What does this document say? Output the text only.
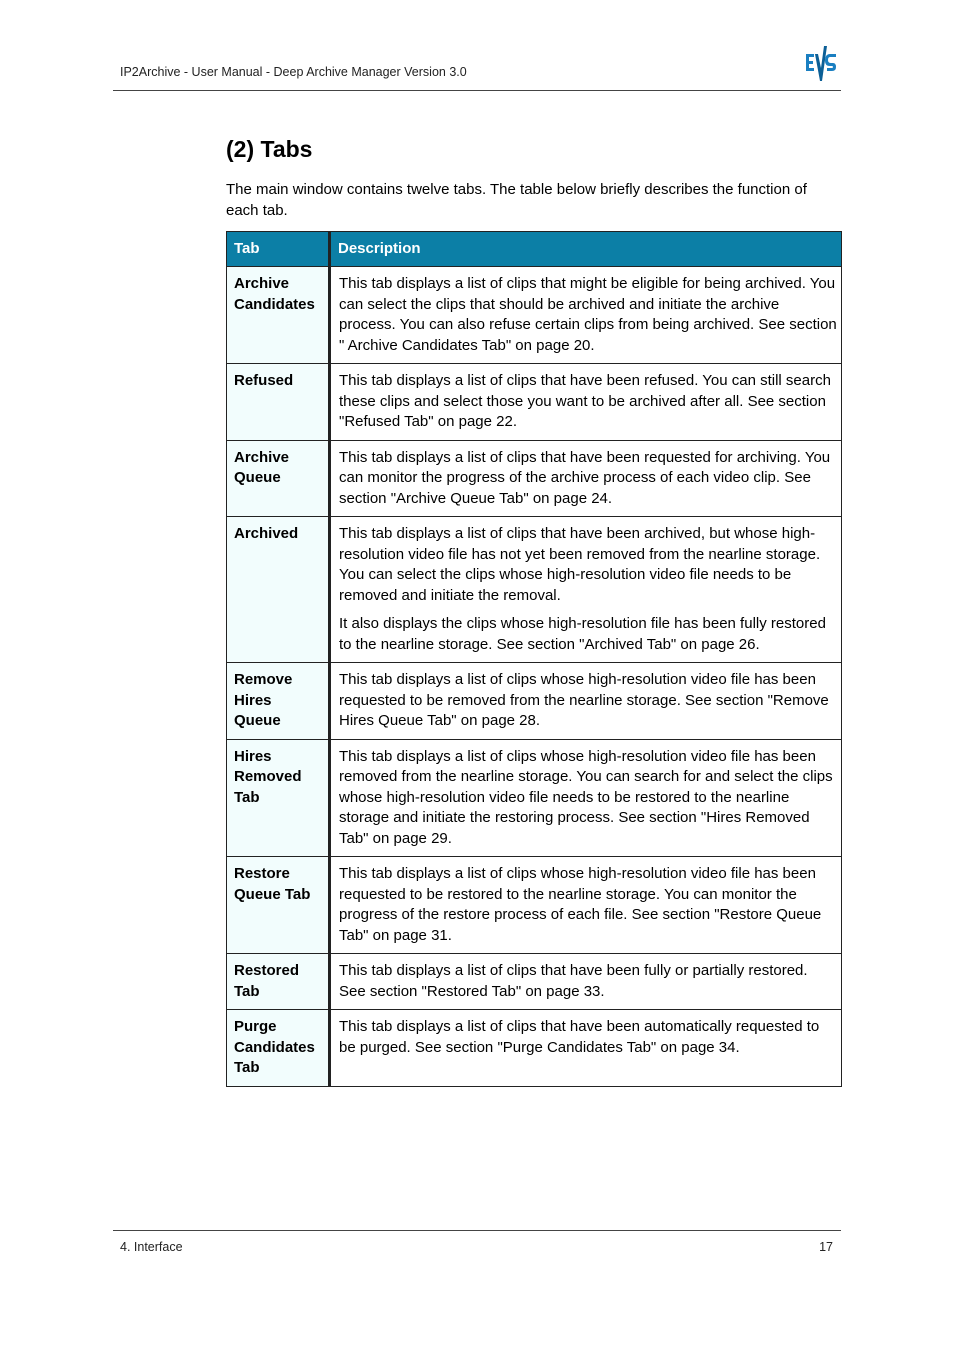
IP2Archive - User Manual - Deep Archive Manager Version 3.0
(2) Tabs

The main window contains twelve tabs. The table below briefly describes the function of each tab.

Tab	Description
Archive Candidates	This tab displays a list of clips that might be eligible for being archived. You can select the clips that should be archived and initiate the archive process. You can also refuse certain clips from being archived. See section " Archive Candidates Tab" on page 20.

Refused	This tab displays a list of clips that have been refused. You can still search these clips and select those you want to be archived after all. See section "Refused Tab" on page 22.

Archive Queue	This tab displays a list of clips that have been requested for archiving. You can monitor the progress of the archive process of each video clip. See section "Archive Queue Tab" on page 24.

Archived	This tab displays a list of clips that have been archived, but whose high-resolution video file has not yet been removed from the nearline storage. You can select the clips whose high-resolution video file needs to be removed and initiate the removal.

It also displays the clips whose high-resolution file has been fully restored to the nearline storage. See section "Archived Tab" on page 26.

Remove Hires Queue	This tab displays a list of clips whose high-resolution video file has been requested to be removed from the nearline storage. See section "Remove Hires Queue Tab" on page 28.

Hires Removed Tab	This tab displays a list of clips whose high-resolution video file has been removed from the nearline storage. You can search for and select the clips whose high-resolution video file needs to be restored to the nearline storage and initiate the restoring process. See section "Hires Removed Tab" on page 29.

Restore Queue Tab	This tab displays a list of clips whose high-resolution video file has been requested to be restored to the nearline storage. You can monitor the progress of the restore process of each file. See section "Restore Queue Tab" on page 31.

Restored Tab	This tab displays a list of clips that have been fully or partially restored. See section "Restored Tab" on page 33.

Purge Candidates Tab	This tab displays a list of clips that have been automatically requested to be purged. See section "Purge Candidates Tab" on page 34.

4. Interface	17
